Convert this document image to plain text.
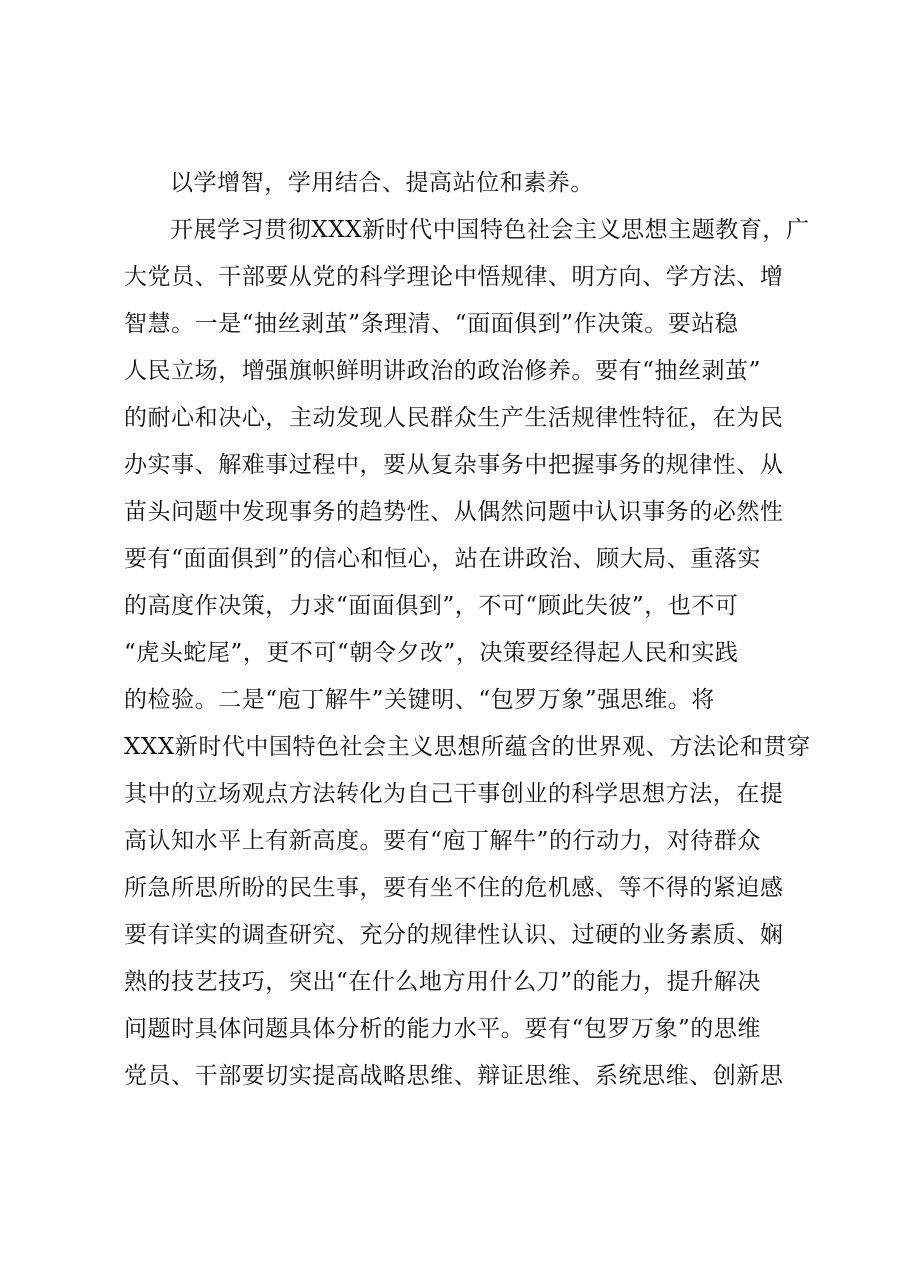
以学增智，学用结合、提高站位和素养。
开展学习贯彻XXX新时代中国特色社会主义思想主题教育，广
大党员、干部要从党的科学理论中悟规律、明方向、学方法、增
智慧。一是“抽丝剥茧”条理清、“面面俱到”作决策。要站稳
人民立场，增强旗帜鲜明讲政治的政治修养。要有“抽丝剥茧”
的耐心和决心，主动发现人民群众生产生活规律性特征，在为民
办实事、解难事过程中，要从复杂事务中把握事务的规律性、从
苗头问题中发现事务的趋势性、从偶然问题中认识事务的必然性
要有“面面俱到”的信心和恒心，站在讲政治、顾大局、重落实
的高度作决策，力求“面面俱到”，不可“顾此失彼”，也不可
“虎头蛇尾”，更不可“朝令夕改”，决策要经得起人民和实践
的检验。二是“庖丁解牛”关键明、“包罗万象”强思维。将
XXX新时代中国特色社会主义思想所蕴含的世界观、方法论和贯穿
其中的立场观点方法转化为自己干事创业的科学思想方法，在提
高认知水平上有新高度。要有“庖丁解牛”的行动力，对待群众
所急所思所盼的民生事，要有坐不住的危机感、等不得的紧迫感
要有详实的调查研究、充分的规律性认识、过硬的业务素质、娴
熟的技艺技巧，突出“在什么地方用什么刀”的能力，提升解决
问题时具体问题具体分析的能力水平。要有“包罗万象”的思维
党员、干部要切实提高战略思维、辩证思维、系统思维、创新思
